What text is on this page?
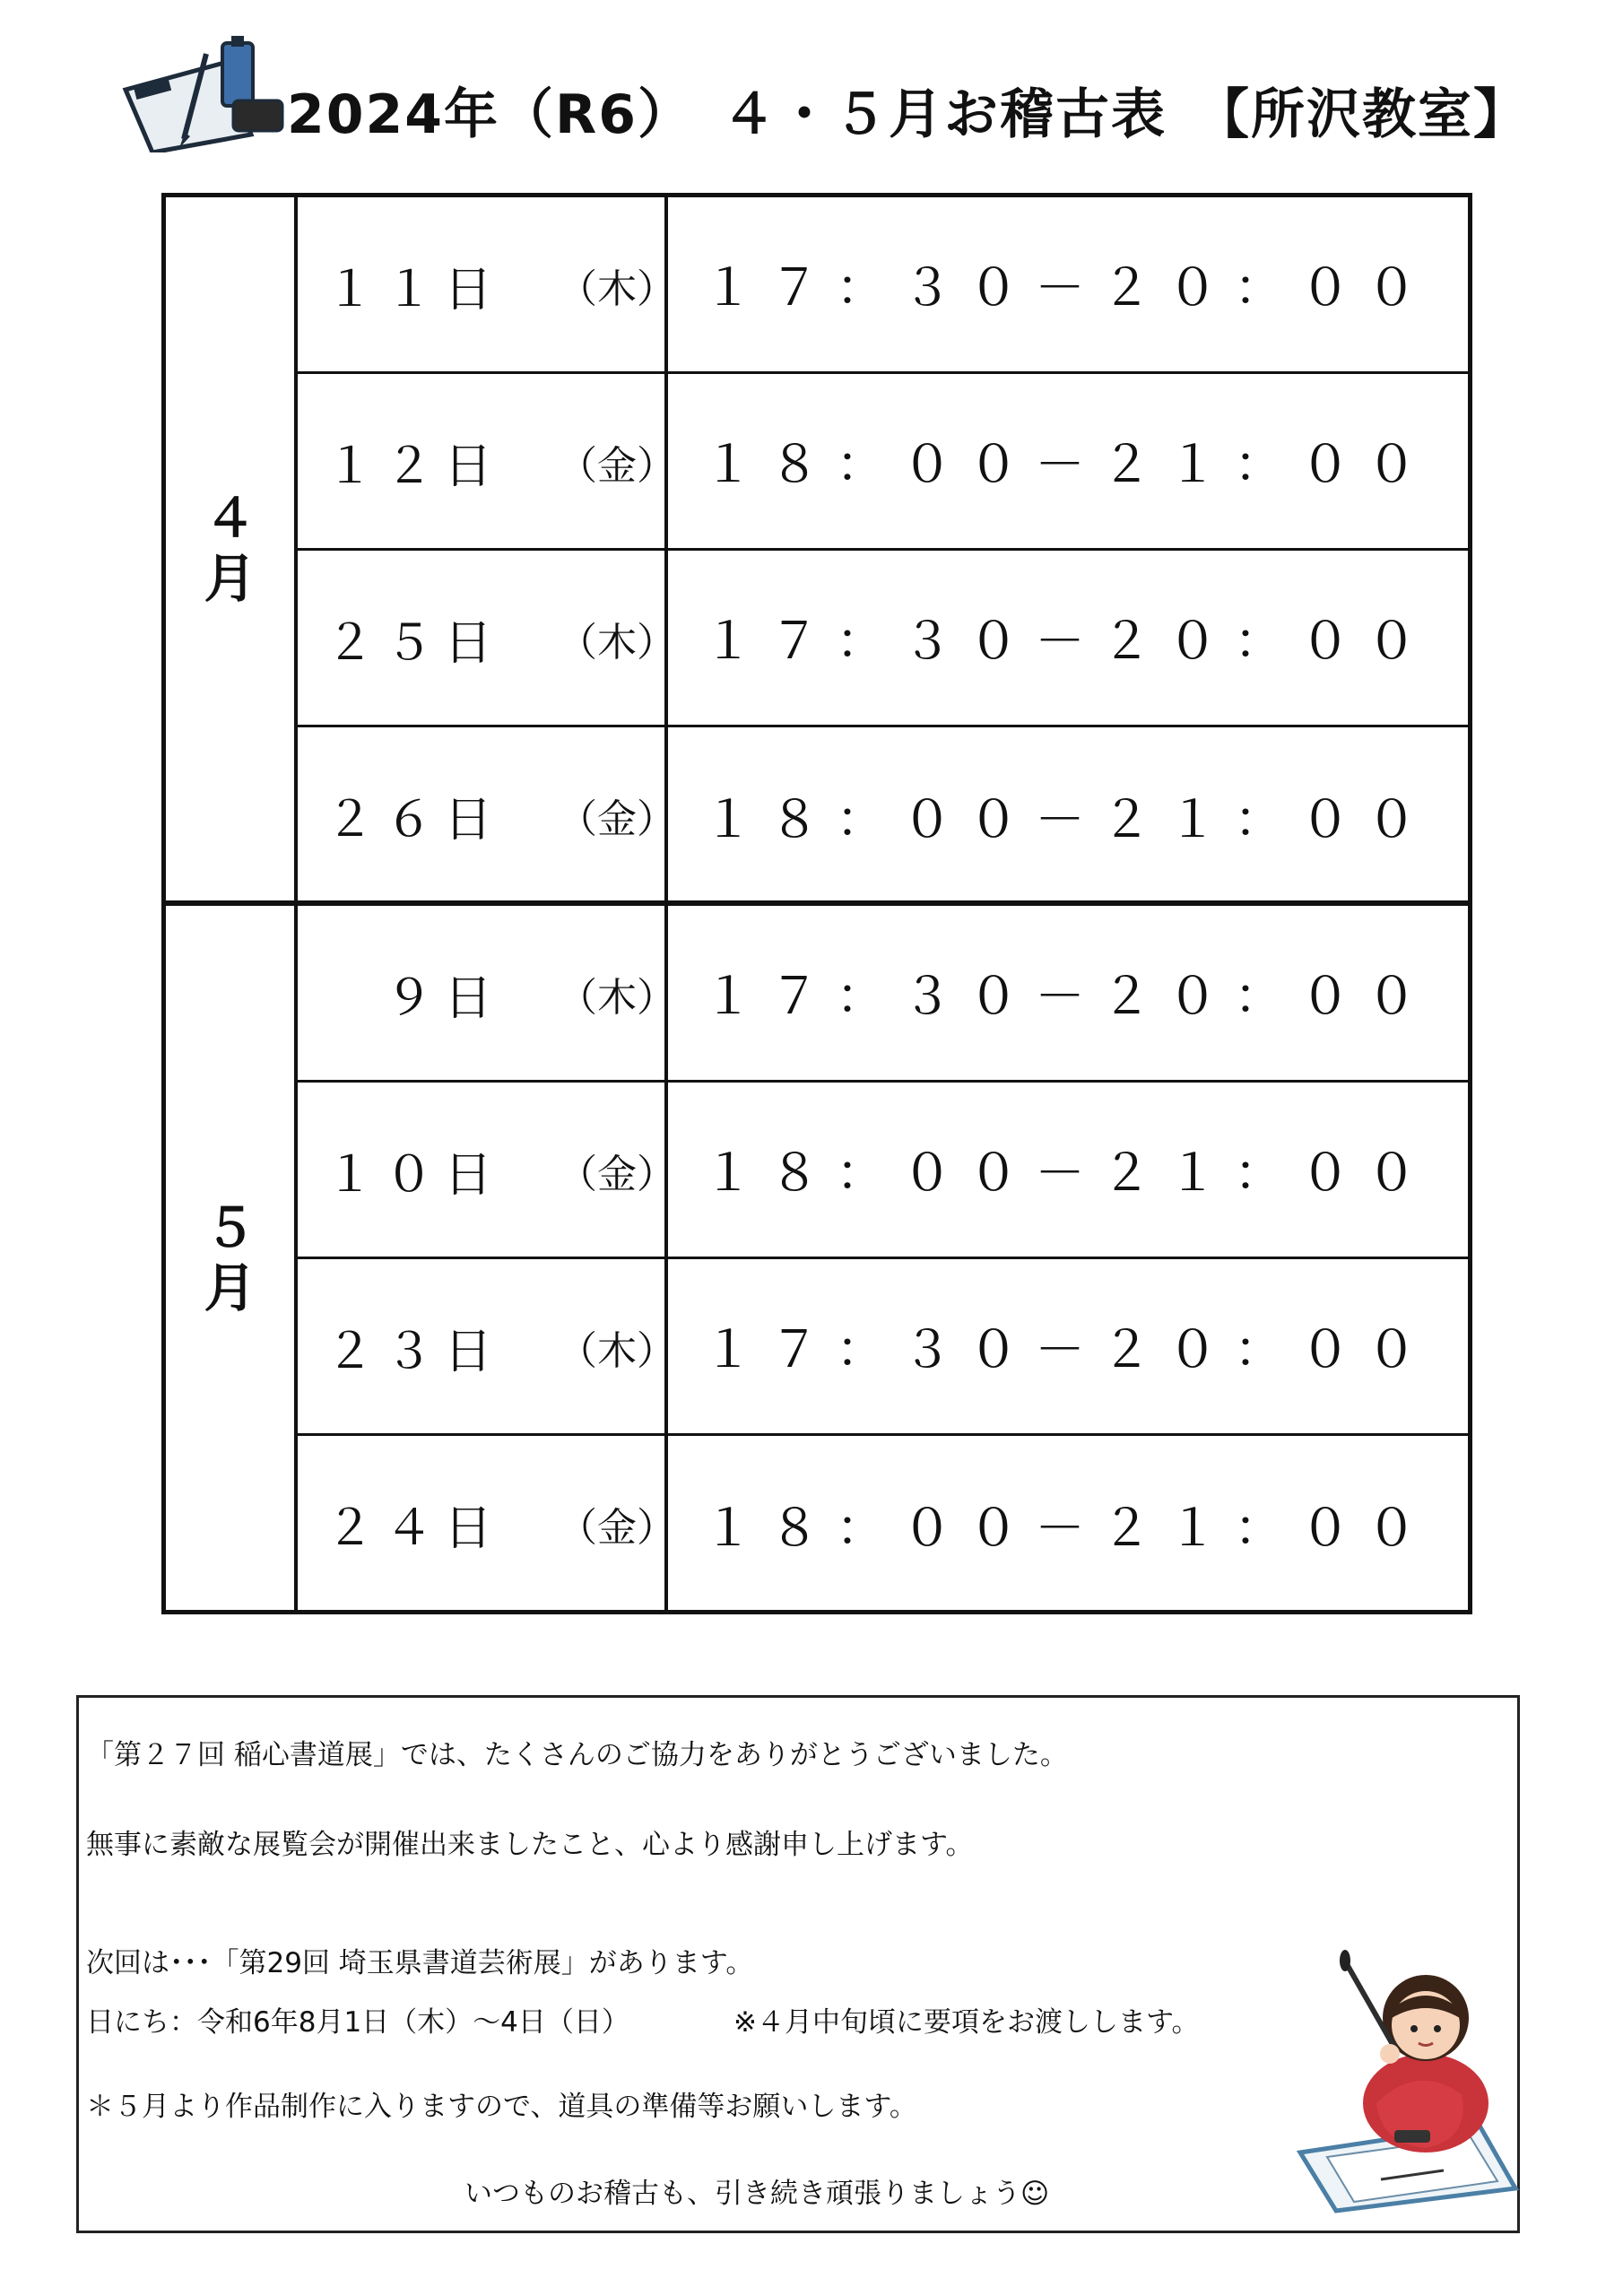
2024年（R6）　４・５月お稽古表　【所沢教室】
４
月
１１日 （木） １７：３０－２０：００
１２日 （金） １８：００－２１：００
２５日 （木） １７：３０－２０：００
２６日 （金） １８：００－２１：００
５
月
９日 （木） １７：３０－２０：００
１０日 （金） １８：００－２１：００
２３日 （木） １７：３０－２０：００
２４日 （金） １８：００－２１：００

「第２７回 稲心書道展」では、たくさんのご協力をありがとうございました。

無事に素敵な展覧会が開催出来ましたこと、心より感謝申し上げます。

次回は･･･「第29回 埼玉県書道芸術展」があります。

日にち：令和6年8月1日（木）～4日（日）	※４月中旬頃に要項をお渡しします。

＊５月より作品制作に入りますので、道具の準備等お願いします。

いつものお稽古も、引き続き頑張りましょう☺
